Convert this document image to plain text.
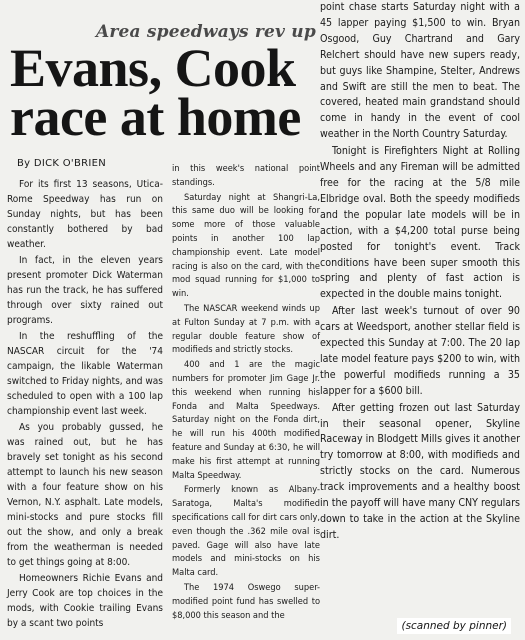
Area speedways rev up
Evans, Cook
race at home
By DICK O'BRIEN

For its first 13 seasons, Utica-Rome Speedway has run on Sunday nights, but has been constantly bothered by bad weather.

In fact, in the eleven years present promoter Dick Waterman has run the track, he has suffered through over sixty rained out programs.

In the reshuffling of the NASCAR circuit for the '74 campaign, the likable Waterman switched to Friday nights, and was scheduled to open with a 100 lap championship event last week.

As you probably gussed, he was rained out, but he has bravely set tonight as his second attempt to launch his new season with a four feature show on his Vernon, N.Y. asphalt. Late models, mini-stocks and pure stocks fill out the show, and only a break from the weatherman is needed to get things going at 8:00.

Homeowners Richie Evans and Jerry Cook are top choices in the mods, with Cookie trailing Evans by a scant two points

in this week's national point standings.

Saturday night at Shangri-La, this same duo will be looking for some more of those valuable points in another 100 lap championship event. Late model racing is also on the card, with the mod squad running for $1,000 to win.

The NASCAR weekend winds up at Fulton Sunday at 7 p.m. with a regular double feature show of modifieds and strictly stocks.

400 and 1 are the magic numbers for promoter Jim Gage Jr. this weekend when running his Fonda and Malta Speedways. Saturday night on the Fonda dirt, he will run his 400th modified feature and Sunday at 6:30, he will make his first attempt at running Malta Speedway.

Formerly known as Albany-Saratoga, Malta's modified specifications call for dirt cars only, even though the .362 mile oval is paved. Gage will also have late models and mini-stocks on his Malta card.

The 1974 Oswego super-modified point fund has swelled to $8,000 this season and the

point chase starts Saturday night with a 45 lapper paying $1,500 to win. Bryan Osgood, Guy Chartrand and Gary Relchert should have new supers ready, but guys like Shampine, Stelter, Andrews and Swift are still the men to beat. The covered, heated main grandstand should come in handy in the event of cool weather in the North Country Saturday.

Tonight is Firefighters Night at Rolling Wheels and any Fireman will be admitted free for the racing at the 5/8 mile Elbridge oval. Both the speedy modifieds and the popular late models will be in action, with a $4,200 total purse being posted for tonight's event. Track conditions have been super smooth this spring and plenty of fast action is expected in the double mains tonight.

After last week's turnout of over 90 cars at Weedsport, another stellar field is expected this Sunday at 7:00. The 20 lap late model feature pays $200 to win, with the powerful modifieds running a 35 lapper for a $600 bill.

After getting frozen out last Saturday in their seasonal opener, Skyline Raceway in Blodgett Mills gives it another try tomorrow at 8:00, with modifieds and strictly stocks on the card. Numerous track improvements and a healthy boost in the payoff will have many CNY regulars down to take in the action at the Skyline dirt.

(scanned by pinner)
